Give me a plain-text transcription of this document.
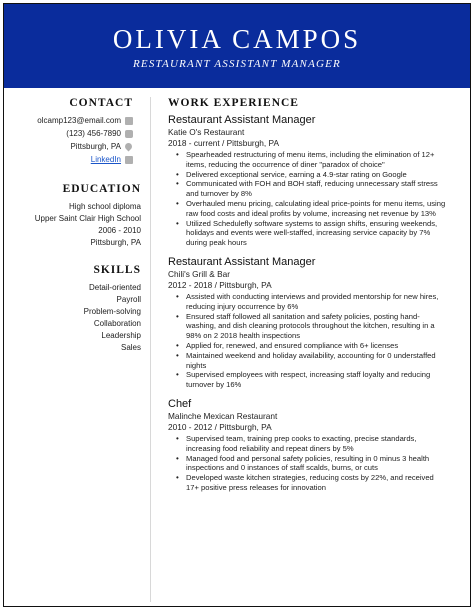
OLIVIA CAMPOS
RESTAURANT ASSISTANT MANAGER
CONTACT
olcamp123@email.com
(123) 456-7890
Pittsburgh, PA
LinkedIn
EDUCATION
High school diploma
Upper Saint Clair High School
2006 - 2010
Pittsburgh, PA
SKILLS
Detail-oriented
Payroll
Problem-solving
Collaboration
Leadership
Sales
WORK EXPERIENCE
Restaurant Assistant Manager
Katie O's Restaurant
2018 - current / Pittsburgh, PA
• Spearheaded restructuring of menu items, including the elimination of 12+ items, reducing the occurrence of diner "paradox of choice"
• Delivered exceptional service, earning a 4.9-star rating on Google
• Communicated with FOH and BOH staff, reducing unnecessary staff stress and turnover by 8%
• Overhauled menu pricing, calculating ideal price-points for menu items, using raw food costs and ideal profits by volume, increasing net revenue by 13%
• Utilized Schedulefly software systems to assign shifts, ensuring weekends, holidays and events were well-staffed, increasing service capacity by 7% during peak hours
Restaurant Assistant Manager
Chili's Grill & Bar
2012 - 2018 / Pittsburgh, PA
• Assisted with conducting interviews and provided mentorship for new hires, reducing injury occurrence by 6%
• Ensured staff followed all sanitation and safety policies, posting hand-washing, and dish cleaning protocols throughout the kitchen, resulting in a 98% on 2 2018 health inspections
• Applied for, renewed, and ensured compliance with 6+ licenses
• Maintained weekend and holiday availability, accounting for 0 understaffed nights
• Supervised employees with respect, increasing staff loyalty and reducing turnover by 16%
Chef
Malinche Mexican Restaurant
2010 - 2012 / Pittsburgh, PA
• Supervised team, training prep cooks to exacting, precise standards, increasing food reliability and repeat diners by 5%
• Managed food and personal safety policies, resulting in 0 minus 3 health inspections and 0 instances of staff scalds, burns, or cuts
• Developed waste kitchen strategies, reducing costs by 22%, and received 17+ positive press releases for innovation
